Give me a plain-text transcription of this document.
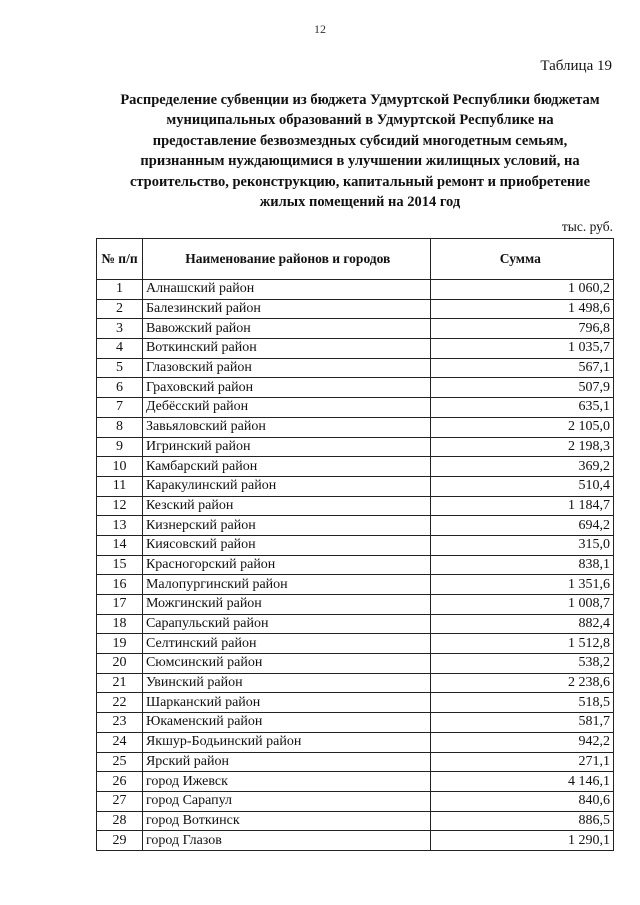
12
Таблица 19
Распределение субвенции из бюджета Удмуртской Республики бюджетам
муниципальных образований в Удмуртской Республике на
предоставление безвозмездных субсидий многодетным семьям,
признанным нуждающимися в улучшении жилищных условий, на
строительство, реконструкцию, капитальный ремонт и приобретение
жилых помещений на 2014 год
тыс. руб.
№ п/п	Наименование районов и городов	Сумма
1	Алнашский район	1 060,2
2	Балезинский район	1 498,6
3	Вавожский район	796,8
4	Воткинский район	1 035,7
5	Глазовский район	567,1
6	Граховский район	507,9
7	Дебёсский район	635,1
8	Завьяловский район	2 105,0
9	Игринский район	2 198,3
10	Камбарский район	369,2
11	Каракулинский район	510,4
12	Кезский район	1 184,7
13	Кизнерский район	694,2
14	Киясовский район	315,0
15	Красногорский район	838,1
16	Малопургинский район	1 351,6
17	Можгинский район	1 008,7
18	Сарапульский район	882,4
19	Селтинский район	1 512,8
20	Сюмсинский район	538,2
21	Увинский район	2 238,6
22	Шарканский район	518,5
23	Юкаменский район	581,7
24	Якшур-Бодьинский район	942,2
25	Ярский район	271,1
26	город Ижевск	4 146,1
27	город Сарапул	840,6
28	город Воткинск	886,5
29	город Глазов	1 290,1
